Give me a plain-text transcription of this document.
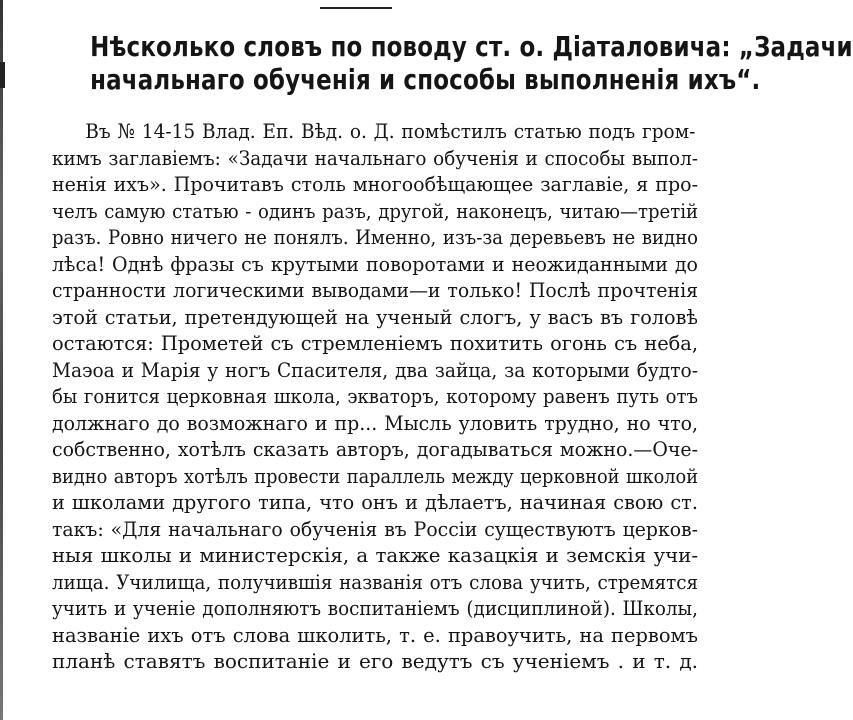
Нѣсколько словъ по поводу ст. о. Діаталовича: „Задачи
начальнаго обученія и способы выполненія ихъ“.
Въ № 14-15 Влад. Еп. Вѣд. о. Д. помѣстилъ статью подъ гром-
кимъ заглавіемъ: «Задачи начальнаго обученія и способы выпол-
ненія ихъ». Прочитавъ столь многообѣщающее заглавіе, я про-
челъ самую статью - одинъ разъ, другой, наконецъ, читаю—третій
разъ. Ровно ничего не понялъ. Именно, изъ-за деревьевъ не видно
лѣса! Однѣ фразы съ крутыми поворотами и неожиданными до
странности логическими выводами—и только! Послѣ прочтенія
этой статьи, претендующей на ученый слогъ, у васъ въ головѣ
остаются: Прометей съ стремленіемъ похитить огонь съ неба,
Маэоа и Марія у ногъ Спасителя, два зайца, за которыми будто-
бы гонится церковная школа, экваторъ, которому равенъ путь отъ
должнаго до возможнаго и пр... Мысль уловить трудно, но что,
собственно, хотѣлъ сказать авторъ, догадываться можно.—Оче-
видно авторъ хотѣлъ провести параллель между церковной школой
и школами другого типа, что онъ и дѣлаетъ, начиная свою ст.
такъ: «Для начальнаго обученія въ Россіи существуютъ церков-
ныя школы и министерскія, а также казацкія и земскія учи-
лища. Училища, получившія названія отъ слова учить, стремятся
учить и ученіе дополняютъ воспитаніемъ (дисциплиной). Школы,
названіе ихъ отъ слова школить, т. е. правоучить, на первомъ
планѣ ставятъ воспитаніе и его ведутъ съ ученіемъ . и т. д.
